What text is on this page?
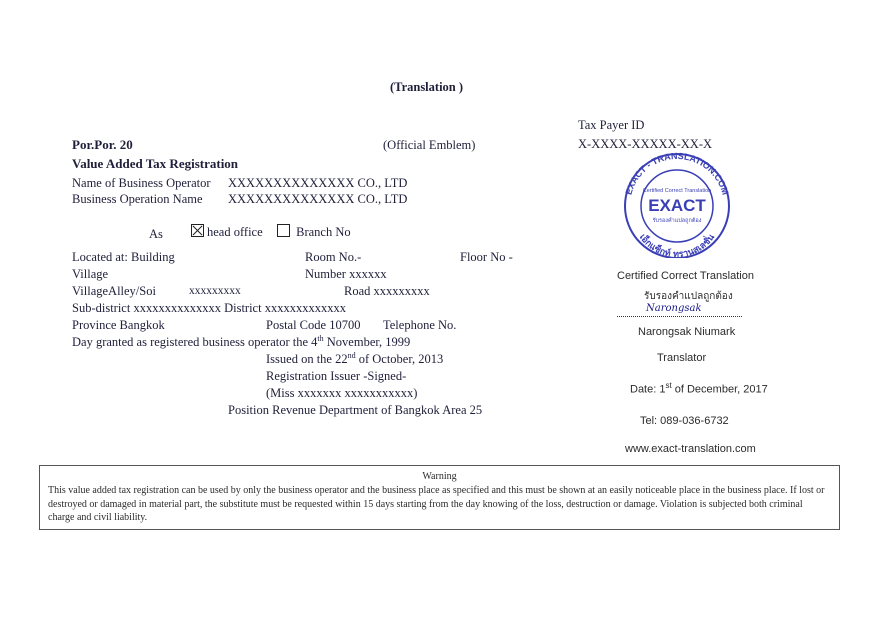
(Translation )
Tax Payer ID
X-XXXX-XXXXX-XX-X
Por.Por. 20	(Official Emblem)
Value Added Tax Registration
Name of Business Operator XXXXXXXXXXXXXX CO., LTD
Business Operation Name XXXXXXXXXXXXXX CO., LTD
As	head office	Branch No
Located at: Building	Room No.-	Floor No -
Village	Number xxxxxx
VillageAlley/Soi	xxxxxxxxx	Road xxxxxxxxx
Sub-district xxxxxxxxxxxxxx District xxxxxxxxxxxxx
Province Bangkok	Postal Code 10700 Telephone No.
Day granted as registered business operator the 4th November, 1999
Issued on the 22nd of October, 2013
Registration Issuer -Signed-
(Miss xxxxxxx xxxxxxxxxxx)
Position Revenue Department of Bangkok Area 25
EXACT - TRANSLATION.COM
เอ็กแซ็กท์ ทรานสเลชั่น
Certified Correct Translation
EXACT
รับรองคำแปลถูกต้อง
Certified Correct Translation
รับรองคำแปลถูกต้อง
Narongsak
Narongsak Niumark
Translator
Date: 1st of December, 2017
Tel: 089-036-6732
www.exact-translation.com
Warning
This value added tax registration can be used by only the business operator and the business place as specified and this must be shown at an easily noticeable place in the business place. If lost or destroyed or damaged in material part, the substitute must be requested within 15 days starting from the day knowing of the loss, destruction or damage. Violation is subjected both criminal charge and civil liability.
